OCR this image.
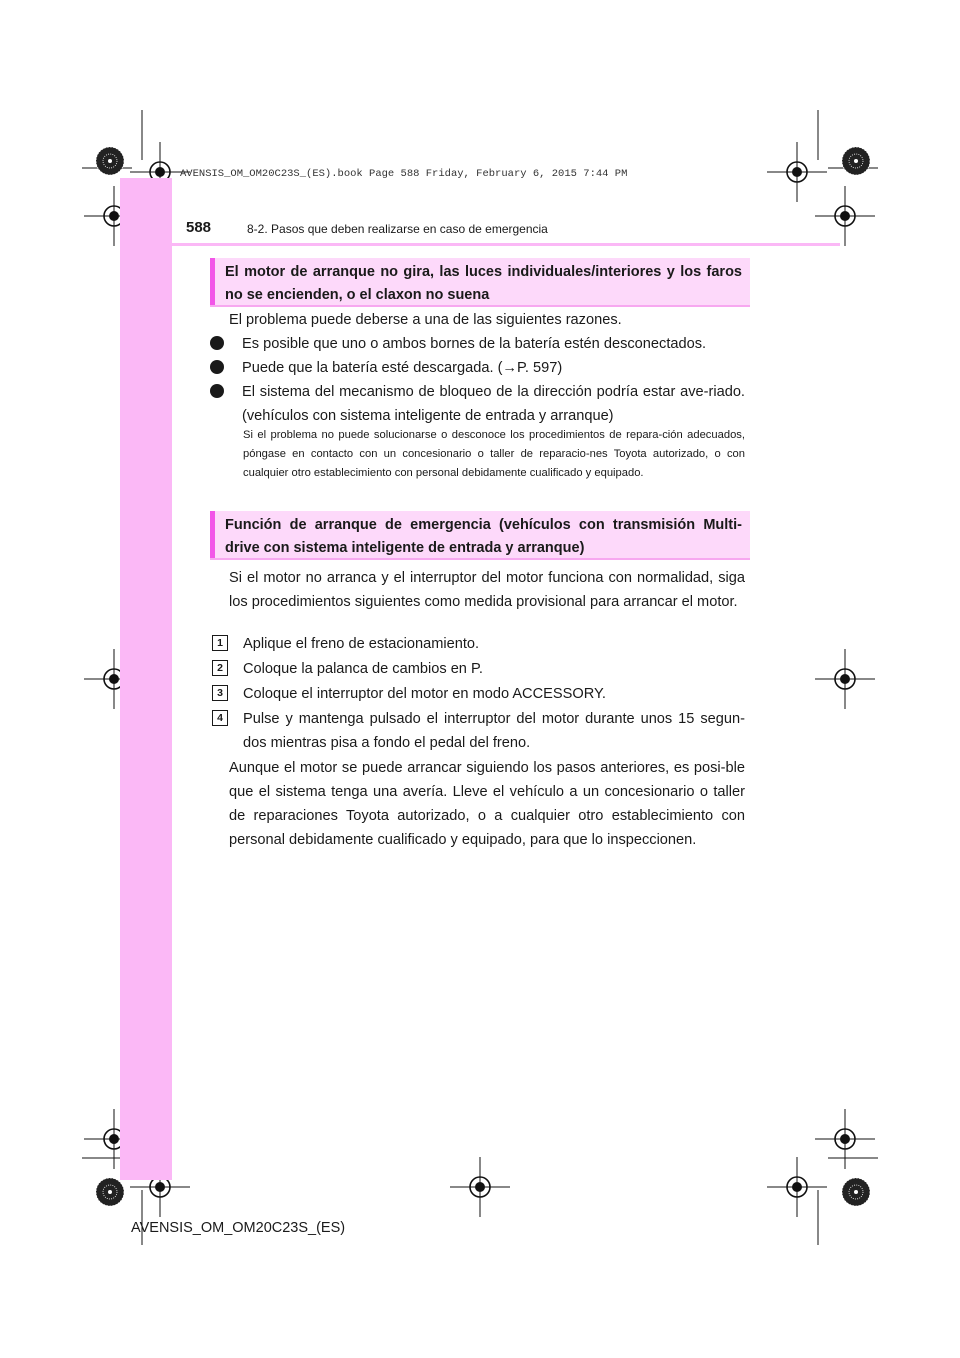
AVENSIS_OM_OM20C23S_(ES).book Page 588 Friday, February 6, 2015 7:44 PM
588	8-2. Pasos que deben realizarse en caso de emergencia
El motor de arranque no gira, las luces individuales/interiores y los faros no se encienden, o el claxon no suena

El problema puede deberse a una de las siguientes razones.

Es posible que uno o ambos bornes de la batería estén desconectados.
Puede que la batería esté descargada. (→P. 597)
El sistema del mecanismo de bloqueo de la dirección podría estar ave-riado. (vehículos con sistema inteligente de entrada y arranque)
Si el problema no puede solucionarse o desconoce los procedimientos de repara-ción adecuados, póngase en contacto con un concesionario o taller de reparacio-nes Toyota autorizado, o con cualquier otro establecimiento con personal debidamente cualificado y equipado.
Función de arranque de emergencia (vehículos con transmisión Multi-drive con sistema inteligente de entrada y arranque)

Si el motor no arranca y el interruptor del motor funciona con normalidad, siga los procedimientos siguientes como medida provisional para arrancar el motor.

1	Aplique el freno de estacionamiento.
2	Coloque la palanca de cambios en P.
3	Coloque el interruptor del motor en modo ACCESSORY.
4	Pulse y mantenga pulsado el interruptor del motor durante unos 15 segun-dos mientras pisa a fondo el pedal del freno.

Aunque el motor se puede arrancar siguiendo los pasos anteriores, es posi-ble que el sistema tenga una avería. Lleve el vehículo a un concesionario o taller de reparaciones Toyota autorizado, o a cualquier otro establecimiento con personal debidamente cualificado y equipado, para que lo inspeccionen.

AVENSIS_OM_OM20C23S_(ES)
